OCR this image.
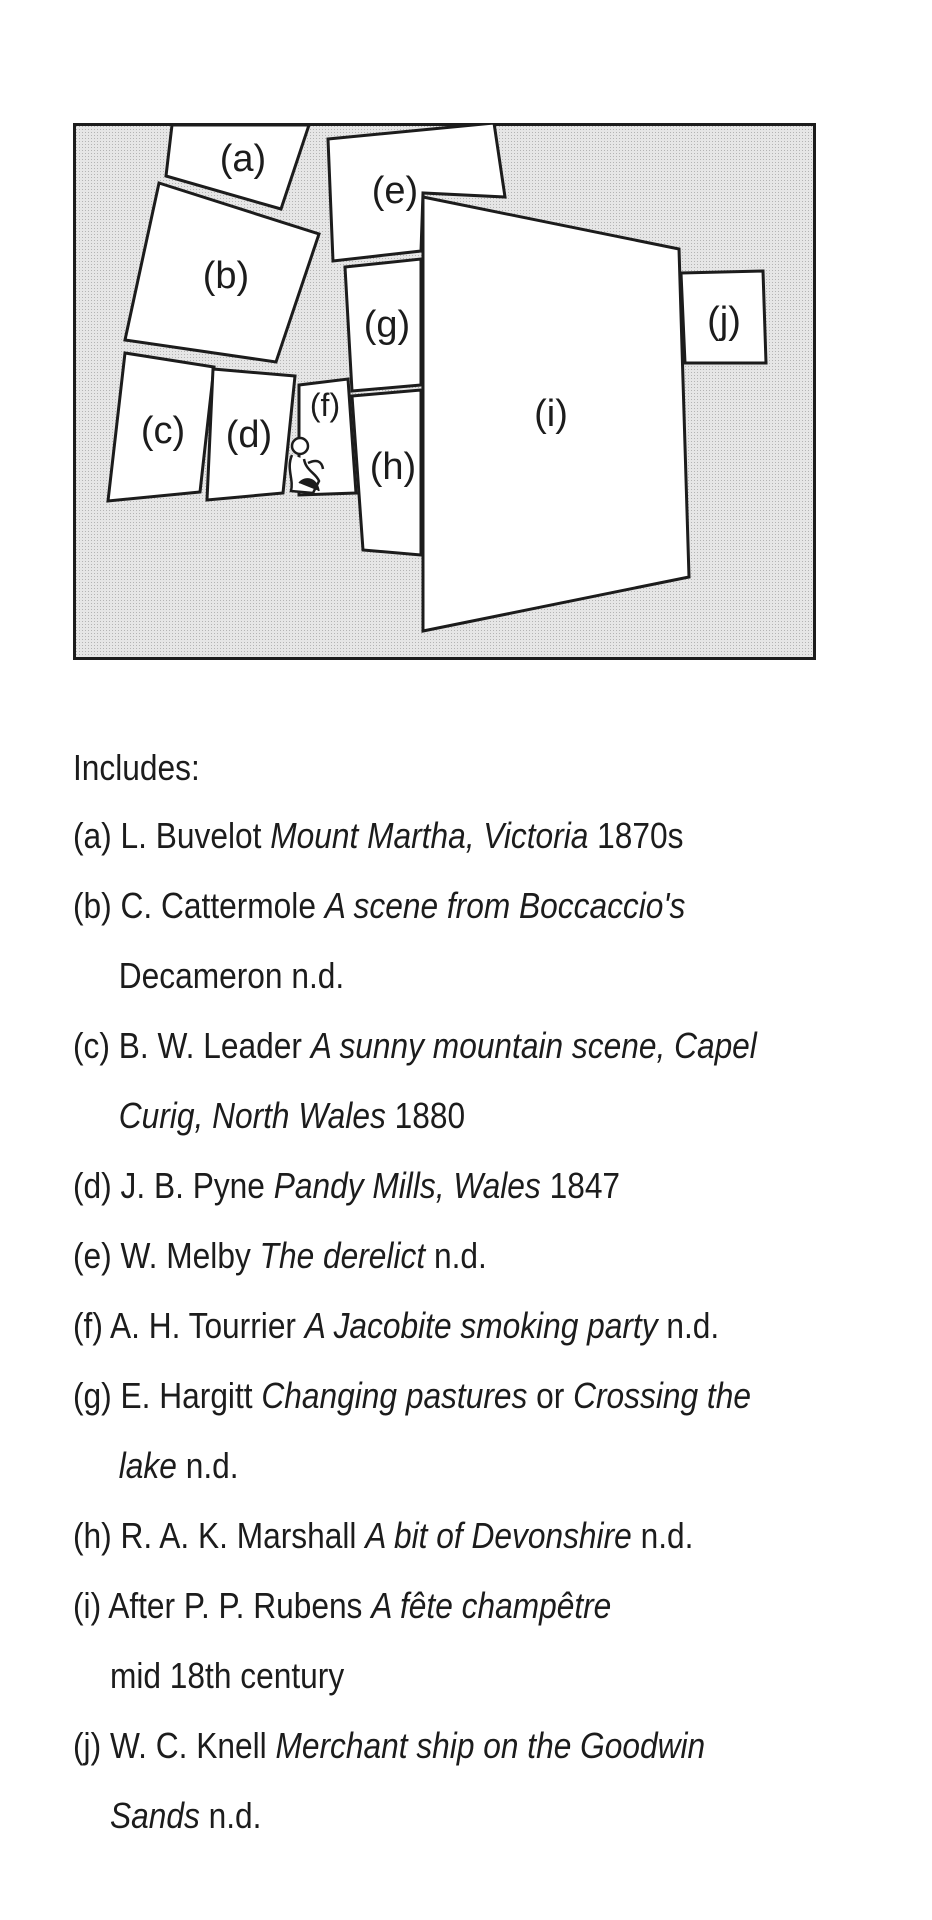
(a)
(b)
(c) (d)
(e)
(f)
(g)
(h)
(i)
(j)
Includes:
(a) L. Buvelot Mount Martha, Victoria 1870s
(b) C. Cattermole A scene from Boccaccio's
Decameron n.d.
(c) B. W. Leader A sunny mountain scene, Capel
Curig, North Wales 1880
(d) J. B. Pyne Pandy Mills, Wales 1847
(e) W. Melby The derelict n.d.
(f) A. H. Tourrier A Jacobite smoking party n.d.
(g) E. Hargitt Changing pastures or Crossing the
lake n.d.
(h) R. A. K. Marshall A bit of Devonshire n.d.
(i) After P. P. Rubens A fête champêtre
mid 18th century
(j) W. C. Knell Merchant ship on the Goodwin
Sands n.d.
